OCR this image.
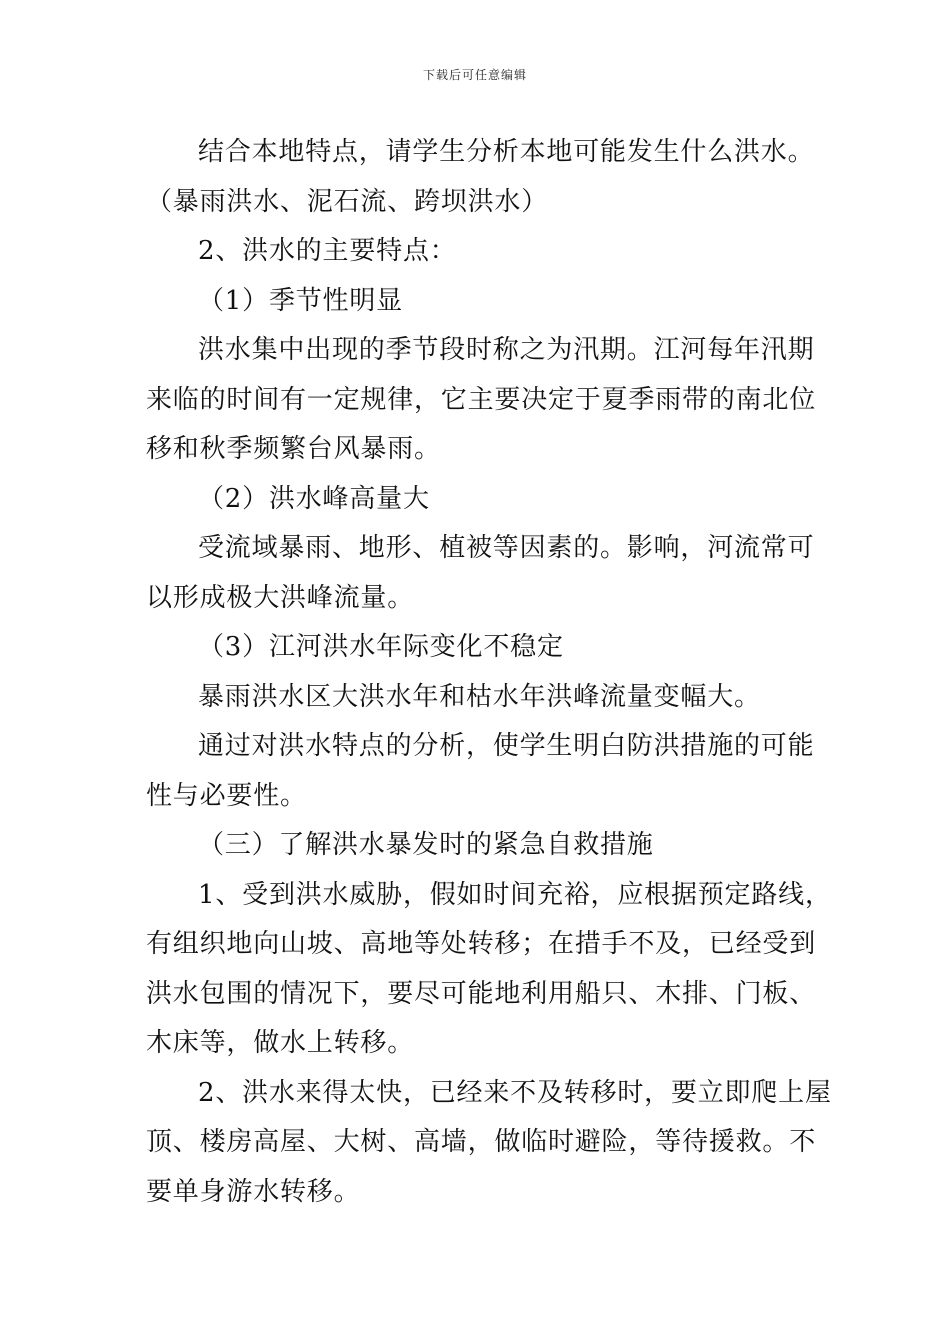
下载后可任意编辑
结合本地特点，请学生分析本地可能发生什么洪水。
（暴雨洪水、泥石流、跨坝洪水）
2、洪水的主要特点：
（1）季节性明显
洪水集中出现的季节段时称之为汛期。江河每年汛期
来临的时间有一定规律，它主要决定于夏季雨带的南北位
移和秋季频繁台风暴雨。
（2）洪水峰高量大
受流域暴雨、地形、植被等因素的。影响，河流常可
以形成极大洪峰流量。
（3）江河洪水年际变化不稳定
暴雨洪水区大洪水年和枯水年洪峰流量变幅大。
通过对洪水特点的分析，使学生明白防洪措施的可能
性与必要性。
（三）了解洪水暴发时的紧急自救措施
1、受到洪水威胁，假如时间充裕，应根据预定路线，
有组织地向山坡、高地等处转移；在措手不及，已经受到
洪水包围的情况下，要尽可能地利用船只、木排、门板、
木床等，做水上转移。
2、洪水来得太快，已经来不及转移时，要立即爬上屋
顶、楼房高屋、大树、高墙，做临时避险，等待援救。不
要单身游水转移。
